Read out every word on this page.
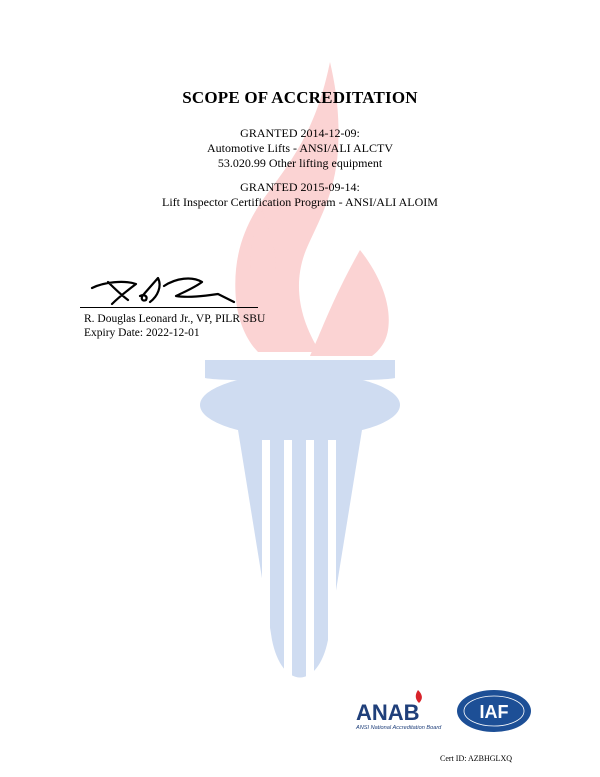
SCOPE OF ACCREDITATION
GRANTED 2014-12-09:
Automotive Lifts - ANSI/ALI ALCTV
53.020.99 Other lifting equipment
GRANTED 2015-09-14:
Lift Inspector Certification Program - ANSI/ALI ALOIM
R. Douglas Leonard Jr., VP, PILR SBU
Expiry Date: 2022-12-01
ANAB
ANSI National Accreditation Board
IAF
Cert ID: AZBHGLXQ
